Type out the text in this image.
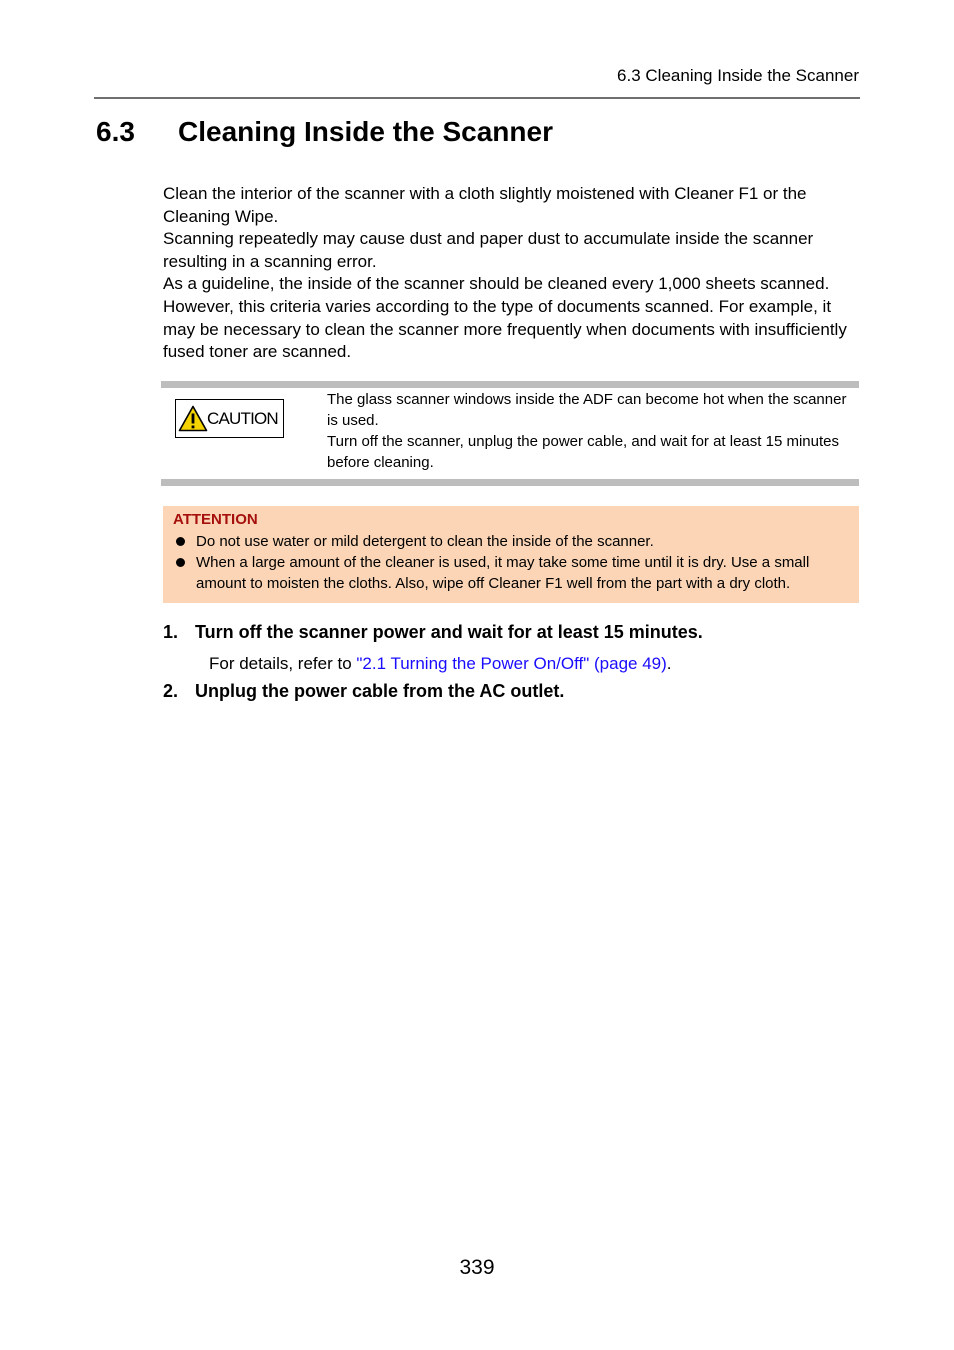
6.3 Cleaning Inside the Scanner
6.3 Cleaning Inside the Scanner

Clean the interior of the scanner with a cloth slightly moistened with Cleaner F1 or the Cleaning Wipe.

Scanning repeatedly may cause dust and paper dust to accumulate inside the scanner resulting in a scanning error.

As a guideline, the inside of the scanner should be cleaned every 1,000 sheets scanned. However, this criteria varies according to the type of documents scanned. For example, it may be necessary to clean the scanner more frequently when documents with insufficiently fused toner are scanned.

CAUTION

The glass scanner windows inside the ADF can become hot when the scanner is used.

Turn off the scanner, unplug the power cable, and wait for at least 15 minutes before cleaning.

ATTENTION
Do not use water or mild detergent to clean the inside of the scanner.
When a large amount of the cleaner is used, it may take some time until it is dry. Use a small amount to moisten the cloths. Also, wipe off Cleaner F1 well from the part with a dry cloth.
1. Turn off the scanner power and wait for at least 15 minutes.
For details, refer to "2.1 Turning the Power On/Off" (page 49).
2. Unplug the power cable from the AC outlet.
339
